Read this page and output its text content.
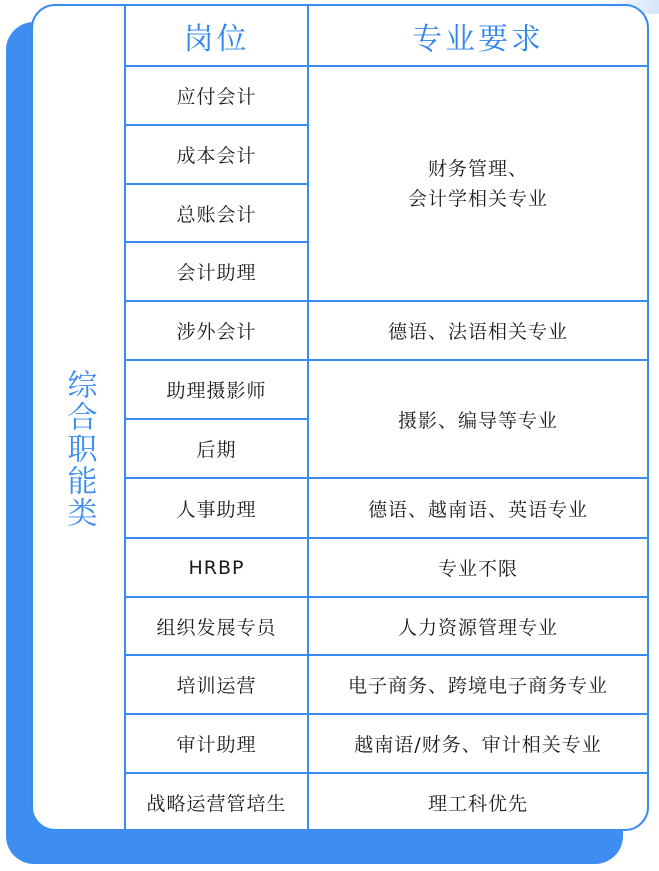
岗位	专业要求
综合职能类
应付会计
成本会计
总账会计
会计助理
涉外会计
助理摄影师
后期
人事助理
HRBP
组织发展专员
培训运营
审计助理
战略运营管培生
财务管理、
会计学相关专业
德语、法语相关专业
摄影、编导等专业
德语、越南语、英语专业
专业不限
人力资源管理专业
电子商务、跨境电子商务专业
越南语/财务、审计相关专业
理工科优先
